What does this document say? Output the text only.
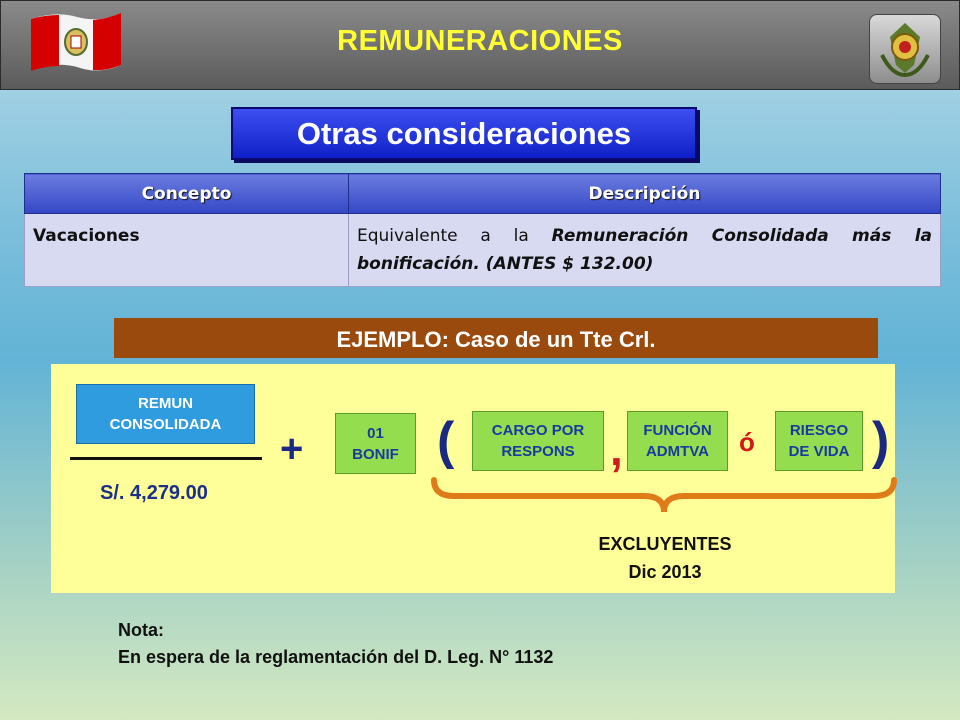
REMUNERACIONES
Otras consideraciones
Concepto	Descripción
Vacaciones	Equivalente a la Remuneración Consolidada más la bonificación. (ANTES $ 132.00)
EJEMPLO: Caso de un Tte Crl.
REMUN
CONSOLIDADA
S/. 4,279.00
+	01
BONIF ( CARGO POR
RESPONS , FUNCIÓN
ADMTVA ó RIESGO
DE VIDA )
EXCLUYENTES
Dic 2013
Nota:
En espera de la reglamentación del D. Leg. N° 1132
